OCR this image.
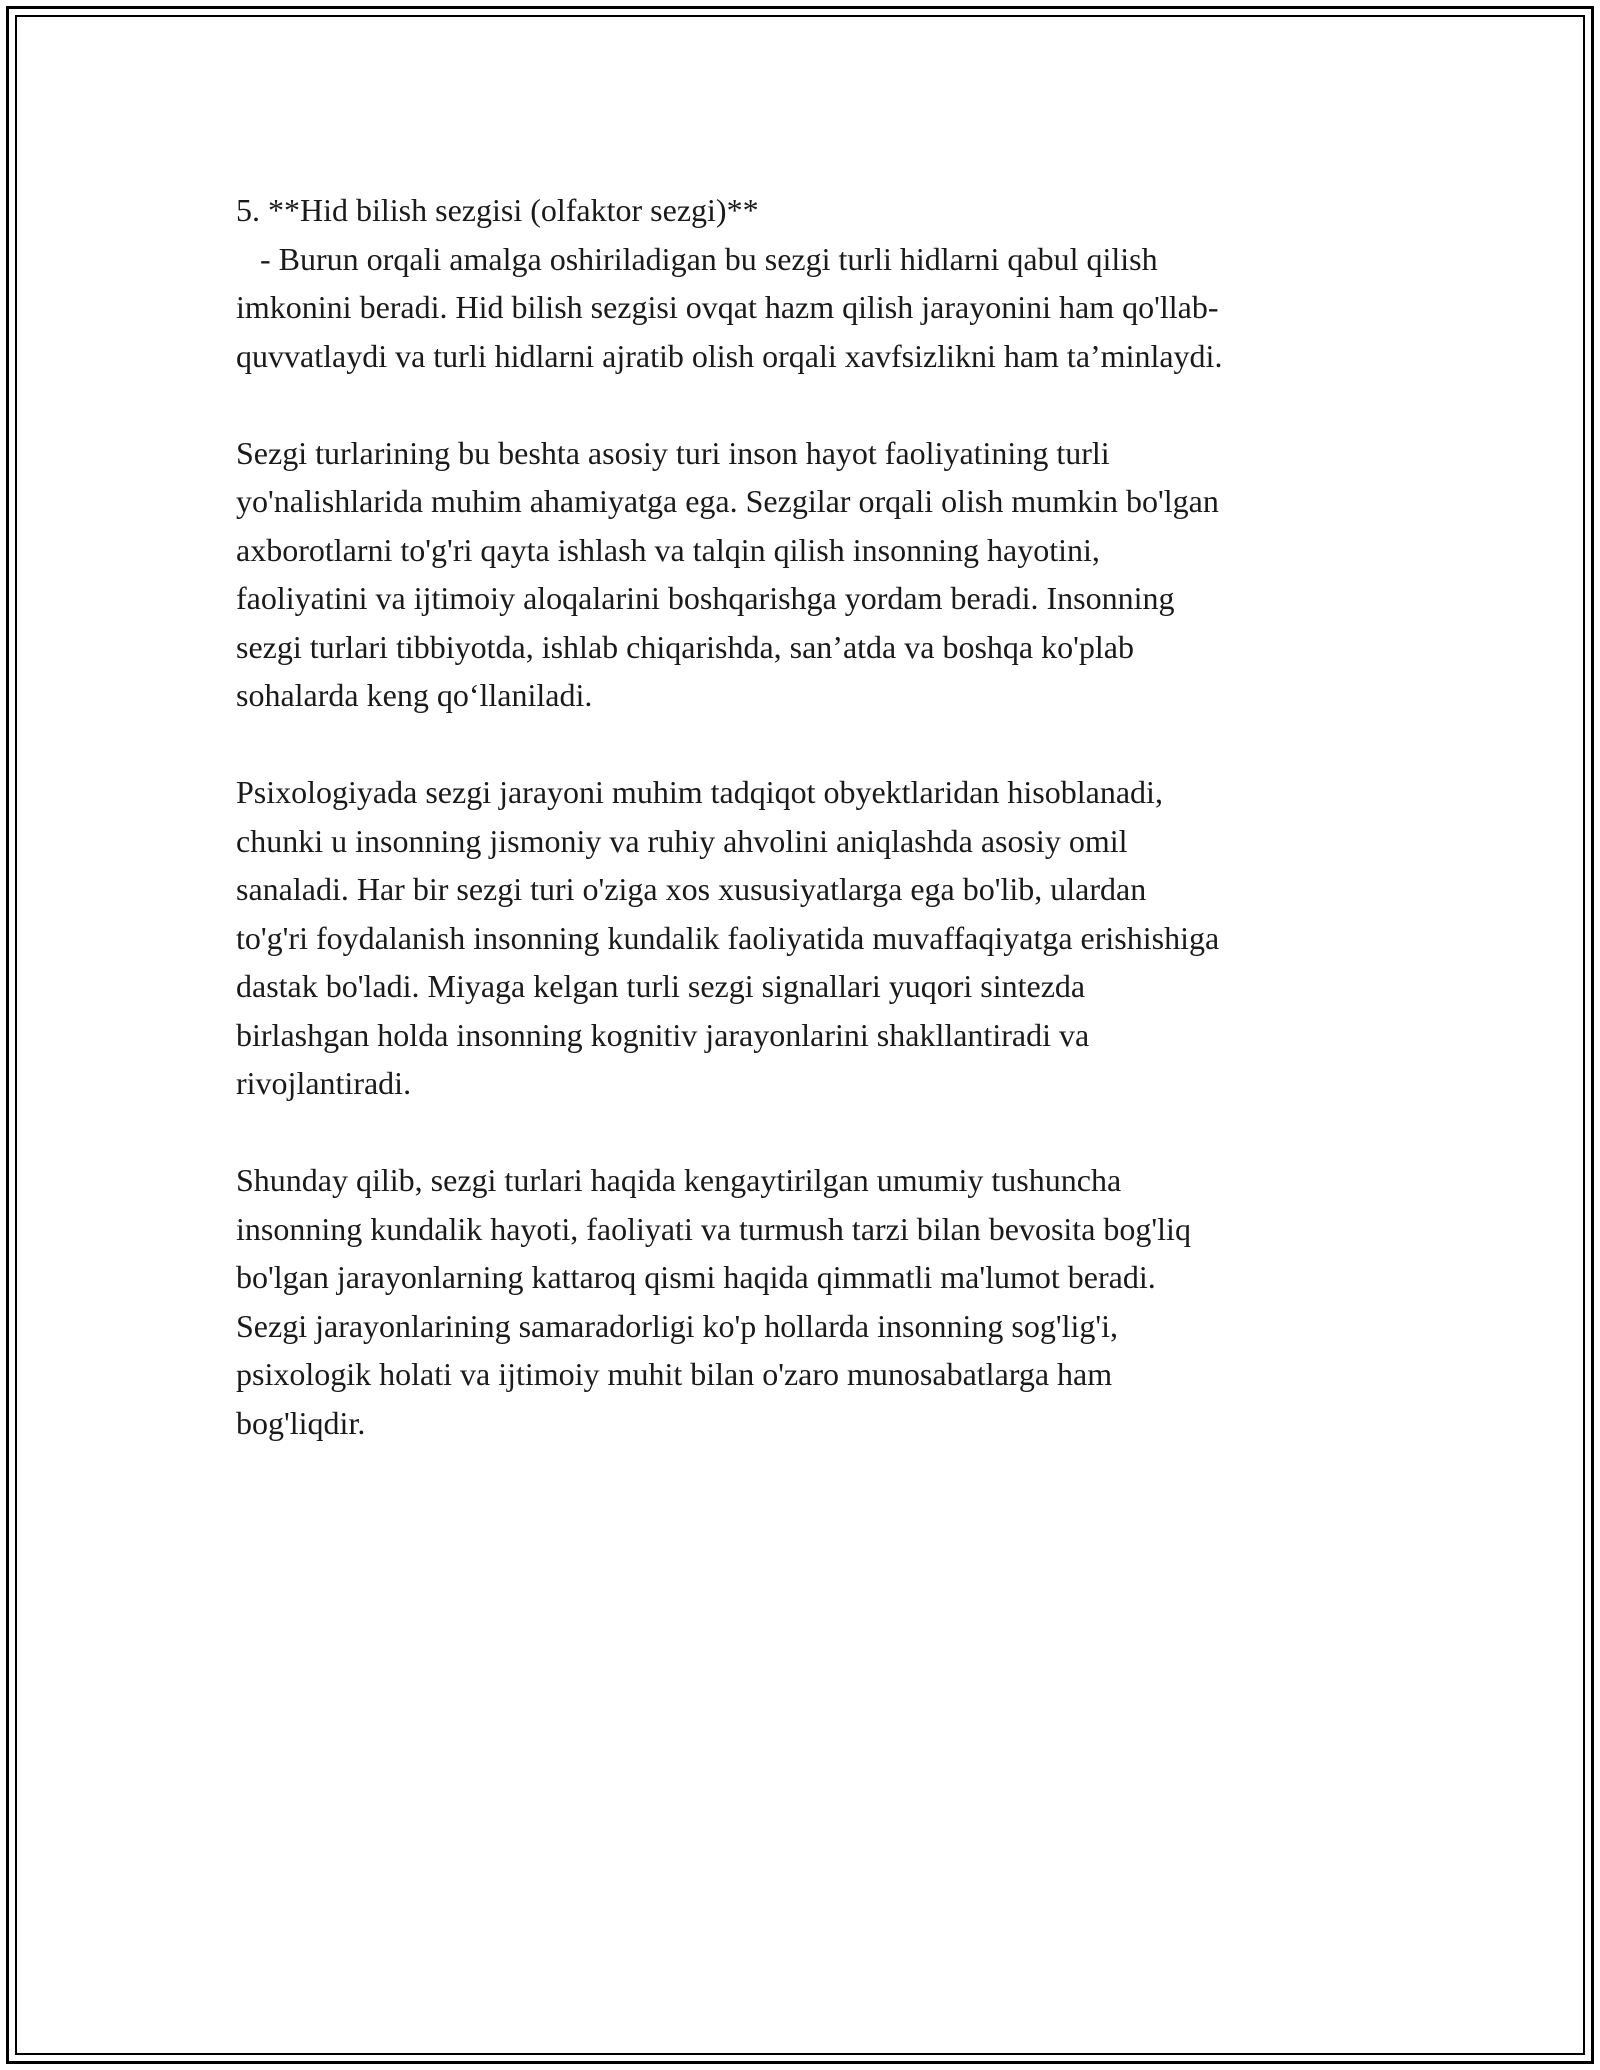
5. **Hid bilish sezgisi (olfaktor sezgi)**

- Burun orqali amalga oshiriladigan bu sezgi turli hidlarni qabul qilish

imkonini beradi. Hid bilish sezgisi ovqat hazm qilish jarayonini ham qo'llab-

quvvatlaydi va turli hidlarni ajratib olish orqali xavfsizlikni ham ta’minlaydi.

Sezgi turlarining bu beshta asosiy turi inson hayot faoliyatining turli

yo'nalishlarida muhim ahamiyatga ega. Sezgilar orqali olish mumkin bo'lgan

axborotlarni to'g'ri qayta ishlash va talqin qilish insonning hayotini,

faoliyatini va ijtimoiy aloqalarini boshqarishga yordam beradi. Insonning

sezgi turlari tibbiyotda, ishlab chiqarishda, san’atda va boshqa ko'plab

sohalarda keng qo‘llaniladi.

Psixologiyada sezgi jarayoni muhim tadqiqot obyektlaridan hisoblanadi,

chunki u insonning jismoniy va ruhiy ahvolini aniqlashda asosiy omil

sanaladi. Har bir sezgi turi o'ziga xos xususiyatlarga ega bo'lib, ulardan

to'g'ri foydalanish insonning kundalik faoliyatida muvaffaqiyatga erishishiga

dastak bo'ladi. Miyaga kelgan turli sezgi signallari yuqori sintezda

birlashgan holda insonning kognitiv jarayonlarini shakllantiradi va

rivojlantiradi.

Shunday qilib, sezgi turlari haqida kengaytirilgan umumiy tushuncha

insonning kundalik hayoti, faoliyati va turmush tarzi bilan bevosita bog'liq

bo'lgan jarayonlarning kattaroq qismi haqida qimmatli ma'lumot beradi.

Sezgi jarayonlarining samaradorligi ko'p hollarda insonning sog'lig'i,

psixologik holati va ijtimoiy muhit bilan o'zaro munosabatlarga ham

bog'liqdir.
